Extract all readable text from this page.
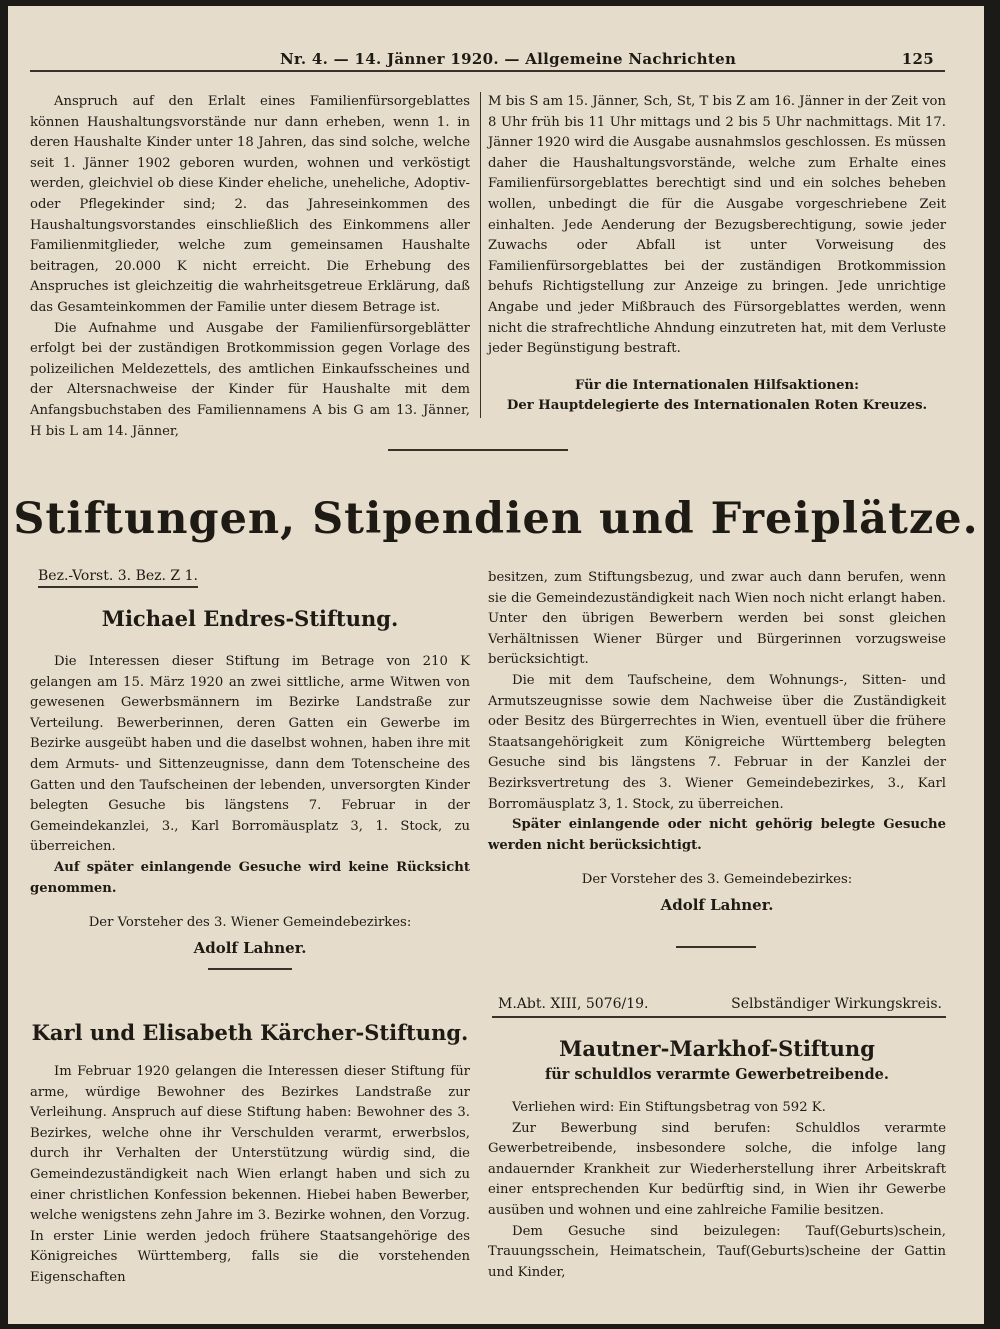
Nr. 4. — 14. Jänner 1920. — Allgemeine Nachrichten	125

Anspruch auf den Erlalt eines Familienfürsorgeblattes können Haushaltungsvorstände nur dann erheben, wenn 1. in deren Haushalte Kinder unter 18 Jahren, das sind solche, welche seit 1. Jänner 1902 geboren wurden, wohnen und verköstigt werden, gleichviel ob diese Kinder eheliche, uneheliche, Adoptiv- oder Pflegekinder sind; 2. das Jahreseinkommen des Haushaltungsvorstandes einschließlich des Einkommens aller Familienmitglieder, welche zum gemeinsamen Haushalte beitragen, 20.000 K nicht erreicht. Die Erhebung des Anspruches ist gleichzeitig die wahrheitsgetreue Erklärung, daß das Gesamteinkommen der Familie unter diesem Betrage ist.

Die Aufnahme und Ausgabe der Familienfürsorgeblätter erfolgt bei der zuständigen Brotkommission gegen Vorlage des polizeilichen Meldezettels, des amtlichen Einkaufsscheines und der Altersnachweise der Kinder für Haushalte mit dem Anfangsbuchstaben des Familiennamens A bis G am 13. Jänner, H bis L am 14. Jänner,

M bis S am 15. Jänner, Sch, St, T bis Z am 16. Jänner in der Zeit von 8 Uhr früh bis 11 Uhr mittags und 2 bis 5 Uhr nachmittags. Mit 17. Jänner 1920 wird die Ausgabe ausnahmslos geschlossen. Es müssen daher die Haushaltungsvorstände, welche zum Erhalte eines Familienfürsorgeblattes berechtigt sind und ein solches beheben wollen, unbedingt die für die Ausgabe vorgeschriebene Zeit einhalten. Jede Aenderung der Bezugsberechtigung, sowie jeder Zuwachs oder Abfall ist unter Vorweisung des Familienfürsorgeblattes bei der zuständigen Brotkommission behufs Richtigstellung zur Anzeige zu bringen. Jede unrichtige Angabe und jeder Mißbrauch des Fürsorgeblattes werden, wenn nicht die strafrechtliche Ahndung einzutreten hat, mit dem Verluste jeder Begünstigung bestraft.

Für die Internationalen Hilfsaktionen:

Der Hauptdelegierte des Internationalen Roten Kreuzes.

Stiftungen, Stipendien und Freiplätze.
Bez.-Vorst. 3. Bez. Z 1.
Michael Endres-Stiftung.

Die Interessen dieser Stiftung im Betrage von 210 K gelangen am 15. März 1920 an zwei sittliche, arme Witwen von gewesenen Gewerbsmännern im Bezirke Landstraße zur Verteilung. Bewerberinnen, deren Gatten ein Gewerbe im Bezirke ausgeübt haben und die daselbst wohnen, haben ihre mit dem Armuts- und Sittenzeugnisse, dann dem Totenscheine des Gatten und den Taufscheinen der lebenden, unversorgten Kinder belegten Gesuche bis längstens 7. Februar in der Gemeindekanzlei, 3., Karl Borromäusplatz 3, 1. Stock, zu überreichen.

Auf später einlangende Gesuche wird keine Rücksicht genommen.

Der Vorsteher des 3. Wiener Gemeindebezirkes:

Adolf Lahner.

Karl und Elisabeth Kärcher-Stiftung.

Im Februar 1920 gelangen die Interessen dieser Stiftung für arme, würdige Bewohner des Bezirkes Landstraße zur Verleihung. Anspruch auf diese Stiftung haben: Bewohner des 3. Bezirkes, welche ohne ihr Verschulden verarmt, erwerbslos, durch ihr Verhalten der Unterstützung würdig sind, die Gemeindezuständigkeit nach Wien erlangt haben und sich zu einer christlichen Konfession bekennen. Hiebei haben Bewerber, welche wenigstens zehn Jahre im 3. Bezirke wohnen, den Vorzug. In erster Linie werden jedoch frühere Staatsangehörige des Königreiches Württemberg, falls sie die vorstehenden Eigenschaften

besitzen, zum Stiftungsbezug, und zwar auch dann berufen, wenn sie die Gemeindezuständigkeit nach Wien noch nicht erlangt haben. Unter den übrigen Bewerbern werden bei sonst gleichen Verhältnissen Wiener Bürger und Bürgerinnen vorzugsweise berücksichtigt.

Die mit dem Taufscheine, dem Wohnungs-, Sitten- und Armutszeugnisse sowie dem Nachweise über die Zuständigkeit oder Besitz des Bürgerrechtes in Wien, eventuell über die frühere Staatsangehörigkeit zum Königreiche Württemberg belegten Gesuche sind bis längstens 7. Februar in der Kanzlei der Bezirksvertretung des 3. Wiener Gemeindebezirkes, 3., Karl Borromäusplatz 3, 1. Stock, zu überreichen.

Später einlangende oder nicht gehörig belegte Gesuche werden nicht berücksichtigt.

Der Vorsteher des 3. Gemeindebezirkes:

Adolf Lahner.

M.Abt. XIII, 5076/19.	Selbständiger Wirkungskreis.
Mautner-Markhof-Stiftung
für schuldlos verarmte Gewerbetreibende.

Verliehen wird: Ein Stiftungsbetrag von 592 K.

Zur Bewerbung sind berufen: Schuldlos verarmte Gewerbetreibende, insbesondere solche, die infolge lang andauernder Krankheit zur Wiederherstellung ihrer Arbeitskraft einer entsprechenden Kur bedürftig sind, in Wien ihr Gewerbe ausüben und wohnen und eine zahlreiche Familie besitzen.

Dem Gesuche sind beizulegen: Tauf(Geburts)schein, Trauungsschein, Heimatschein, Tauf(Geburts)scheine der Gattin und Kinder,
